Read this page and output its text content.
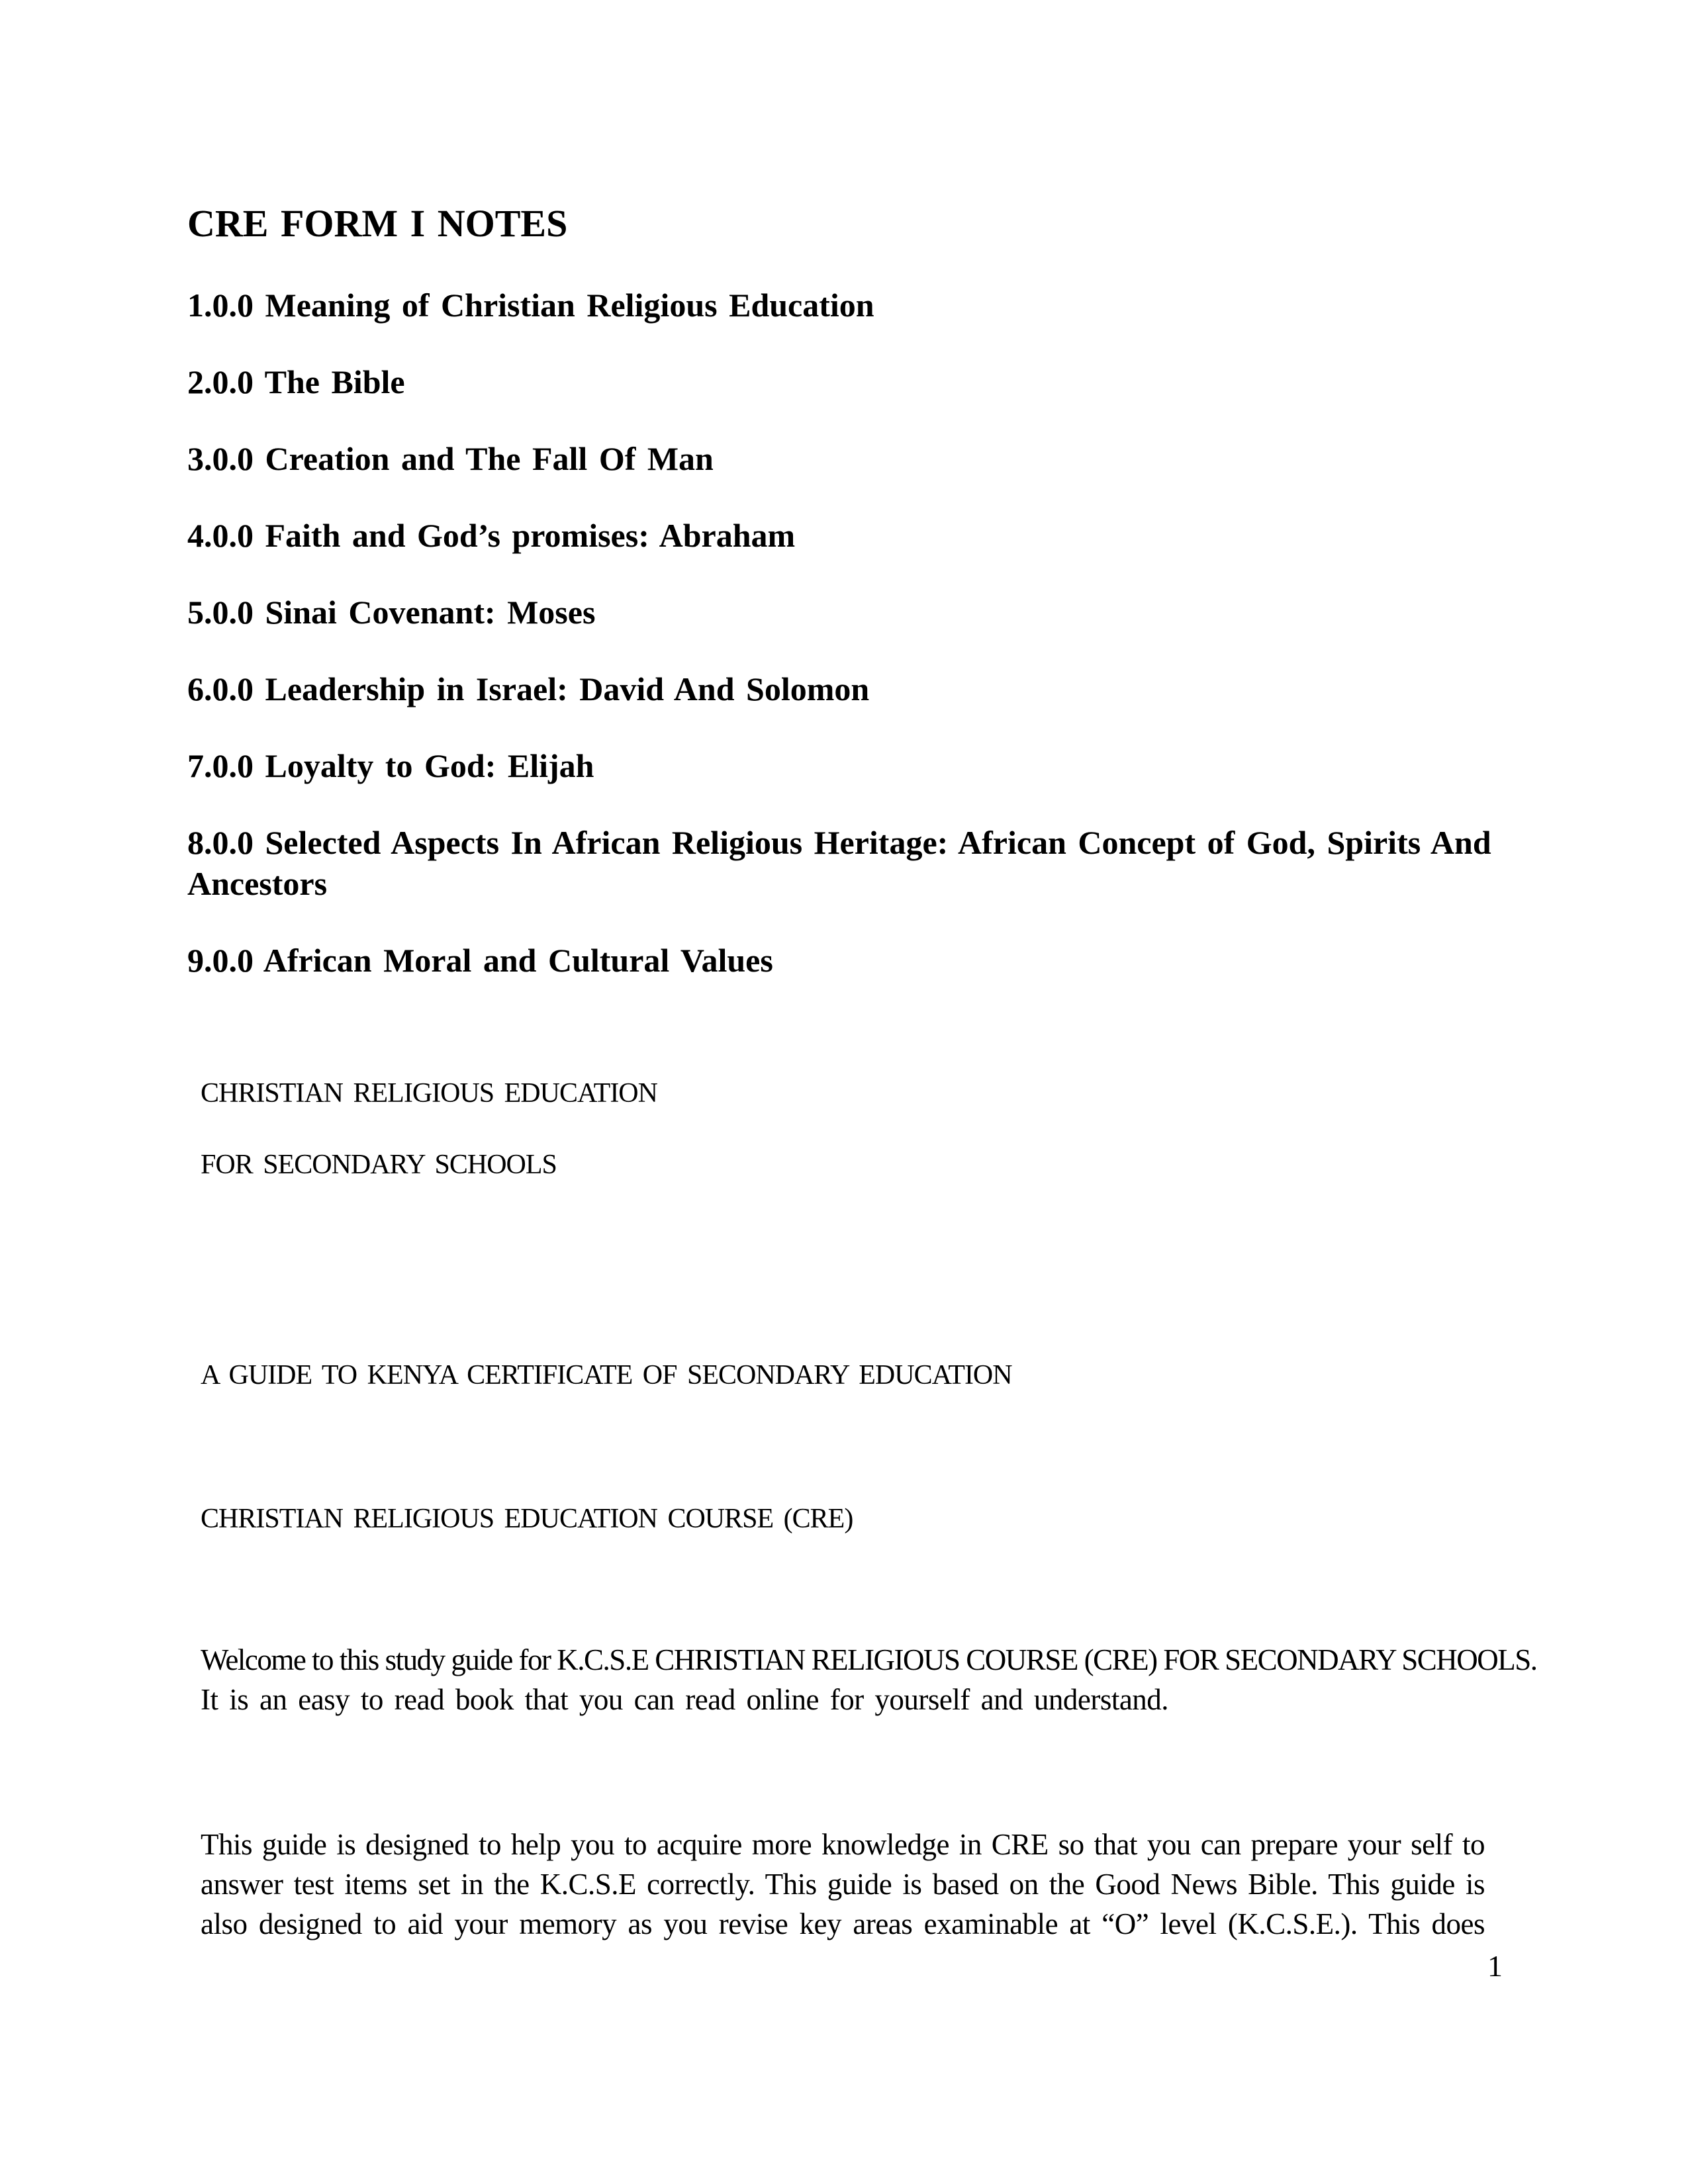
CRE FORM I NOTES
1.0.0 Meaning of Christian Religious Education
2.0.0 The Bible
3.0.0 Creation and The Fall Of Man
4.0.0 Faith and God’s promises: Abraham
5.0.0 Sinai Covenant: Moses
6.0.0 Leadership in Israel: David And Solomon
7.0.0 Loyalty to God: Elijah
8.0.0 Selected Aspects In African Religious Heritage: African Concept of God, Spirits And
Ancestors
9.0.0 African Moral and Cultural Values
CHRISTIAN RELIGIOUS EDUCATION
FOR SECONDARY SCHOOLS
A GUIDE TO KENYA CERTIFICATE OF SECONDARY EDUCATION
CHRISTIAN RELIGIOUS EDUCATION COURSE (CRE)
Welcome to this study guide for K.C.S.E CHRISTIAN RELIGIOUS COURSE (CRE) FOR SECONDARY SCHOOLS.
It is an easy to read book that you can read online for yourself and understand.
This guide is designed to help you to acquire more knowledge in CRE so that you can prepare your self to
answer test items set in the K.C.S.E correctly. This guide is based on the Good News Bible. This guide is
also designed to aid your memory as you revise key areas examinable at “O” level (K.C.S.E.). This does
1
